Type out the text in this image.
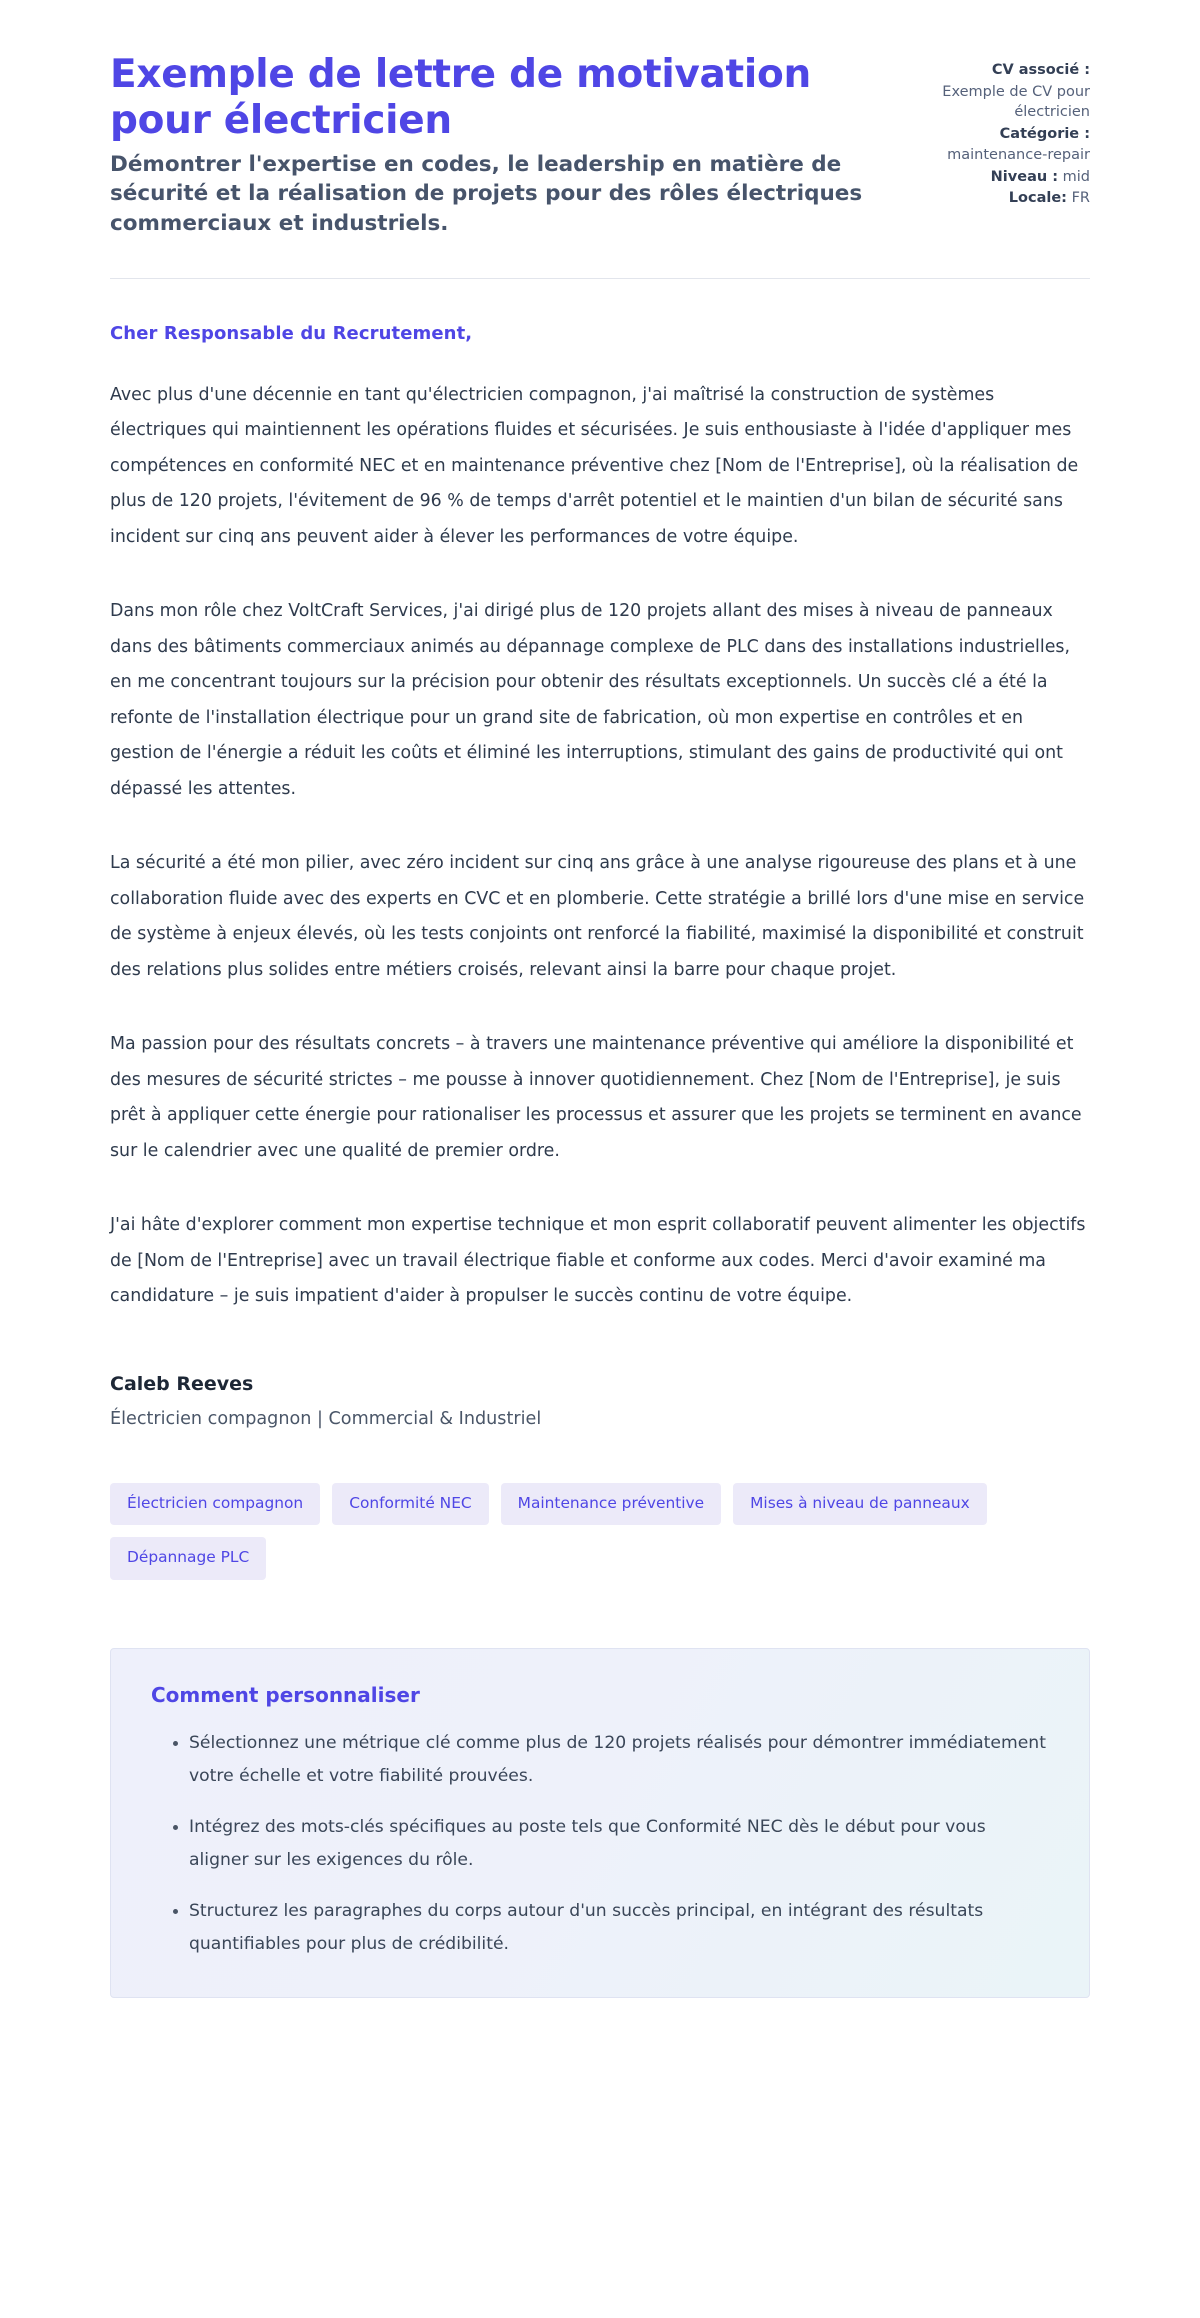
Exemple de lettre de motivation pour électricien

Démontrer l'expertise en codes, le leadership en matière de sécurité et la réalisation de projets pour des rôles électriques commerciaux et industriels.

CV associé :
Exemple de CV pour électricien
Catégorie :
maintenance-repair
Niveau : mid
Locale: FR

Cher Responsable du Recrutement,

Avec plus d'une décennie en tant qu'électricien compagnon, j'ai maîtrisé la construction de systèmes électriques qui maintiennent les opérations fluides et sécurisées. Je suis enthousiaste à l'idée d'appliquer mes compétences en conformité NEC et en maintenance préventive chez [Nom de l'Entreprise], où la réalisation de plus de 120 projets, l'évitement de 96 % de temps d'arrêt potentiel et le maintien d'un bilan de sécurité sans incident sur cinq ans peuvent aider à élever les performances de votre équipe.

Dans mon rôle chez VoltCraft Services, j'ai dirigé plus de 120 projets allant des mises à niveau de panneaux dans des bâtiments commerciaux animés au dépannage complexe de PLC dans des installations industrielles, en me concentrant toujours sur la précision pour obtenir des résultats exceptionnels. Un succès clé a été la refonte de l'installation électrique pour un grand site de fabrication, où mon expertise en contrôles et en gestion de l'énergie a réduit les coûts et éliminé les interruptions, stimulant des gains de productivité qui ont dépassé les attentes.

La sécurité a été mon pilier, avec zéro incident sur cinq ans grâce à une analyse rigoureuse des plans et à une collaboration fluide avec des experts en CVC et en plomberie. Cette stratégie a brillé lors d'une mise en service de système à enjeux élevés, où les tests conjoints ont renforcé la fiabilité, maximisé la disponibilité et construit des relations plus solides entre métiers croisés, relevant ainsi la barre pour chaque projet.

Ma passion pour des résultats concrets – à travers une maintenance préventive qui améliore la disponibilité et des mesures de sécurité strictes – me pousse à innover quotidiennement. Chez [Nom de l'Entreprise], je suis prêt à appliquer cette énergie pour rationaliser les processus et assurer que les projets se terminent en avance sur le calendrier avec une qualité de premier ordre.

J'ai hâte d'explorer comment mon expertise technique et mon esprit collaboratif peuvent alimenter les objectifs de [Nom de l'Entreprise] avec un travail électrique fiable et conforme aux codes. Merci d'avoir examiné ma candidature – je suis impatient d'aider à propulser le succès continu de votre équipe.

Caleb Reeves

Électricien compagnon | Commercial & Industriel

Électricien compagnon	Conformité NEC	Maintenance préventive	Mises à niveau de panneaux
Dépannage PLC
Comment personnaliser
Sélectionnez une métrique clé comme plus de 120 projets réalisés pour démontrer immédiatement votre échelle et votre fiabilité prouvées.
Intégrez des mots-clés spécifiques au poste tels que Conformité NEC dès le début pour vous aligner sur les exigences du rôle.
Structurez les paragraphes du corps autour d'un succès principal, en intégrant des résultats quantifiables pour plus de crédibilité.
